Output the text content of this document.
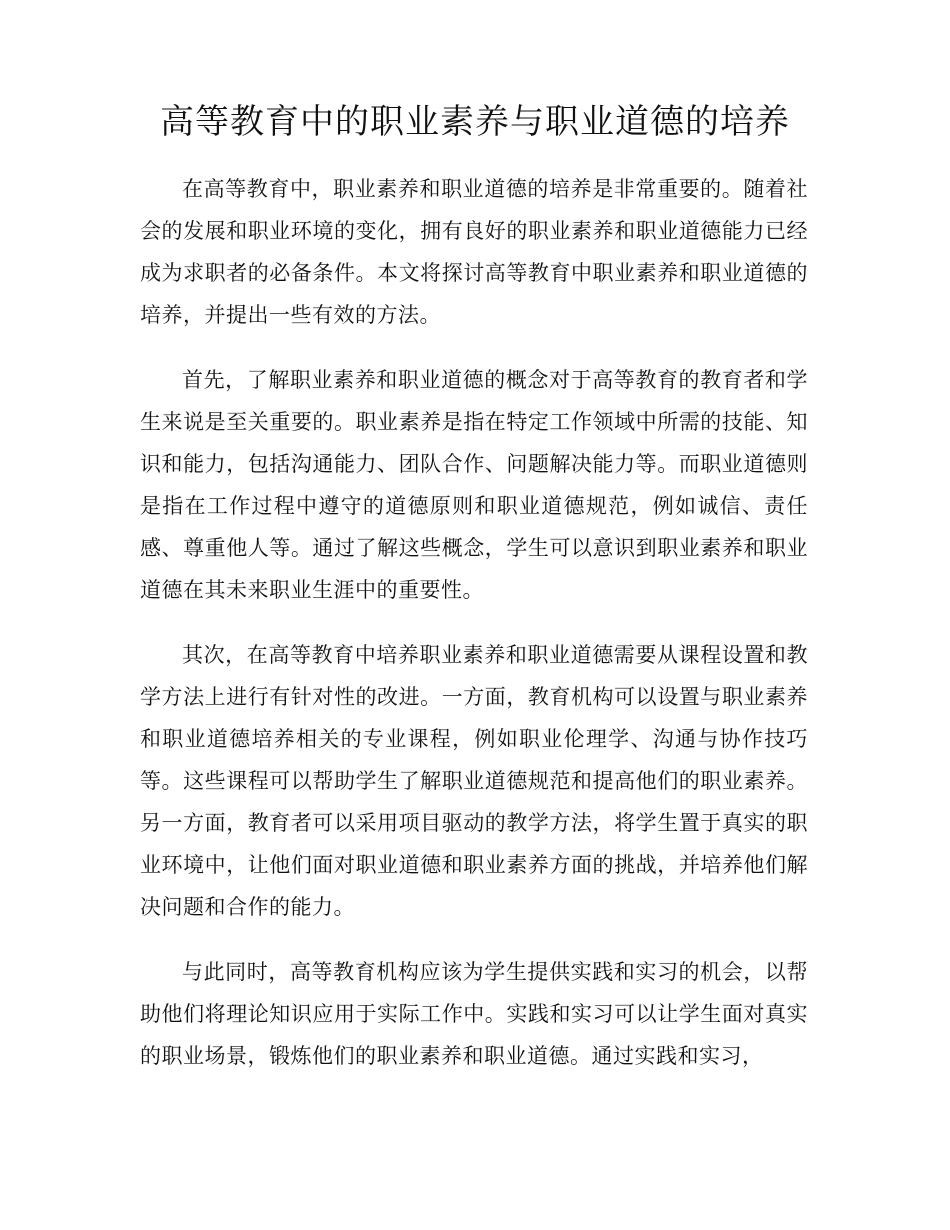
高等教育中的职业素养与职业道德的培养

在高等教育中，职业素养和职业道德的培养是非常重要的。随着社会的发展和职业环境的变化，拥有良好的职业素养和职业道德能力已经成为求职者的必备条件。本文将探讨高等教育中职业素养和职业道德的培养，并提出一些有效的方法。

首先，了解职业素养和职业道德的概念对于高等教育的教育者和学生来说是至关重要的。职业素养是指在特定工作领域中所需的技能、知识和能力，包括沟通能力、团队合作、问题解决能力等。而职业道德则是指在工作过程中遵守的道德原则和职业道德规范，例如诚信、责任感、尊重他人等。通过了解这些概念，学生可以意识到职业素养和职业道德在其未来职业生涯中的重要性。

其次，在高等教育中培养职业素养和职业道德需要从课程设置和教学方法上进行有针对性的改进。一方面，教育机构可以设置与职业素养和职业道德培养相关的专业课程，例如职业伦理学、沟通与协作技巧等。这些课程可以帮助学生了解职业道德规范和提高他们的职业素养。另一方面，教育者可以采用项目驱动的教学方法，将学生置于真实的职业环境中，让他们面对职业道德和职业素养方面的挑战，并培养他们解决问题和合作的能力。

与此同时，高等教育机构应该为学生提供实践和实习的机会，以帮助他们将理论知识应用于实际工作中。实践和实习可以让学生面对真实的职业场景，锻炼他们的职业素养和职业道德。通过实践和实习，
